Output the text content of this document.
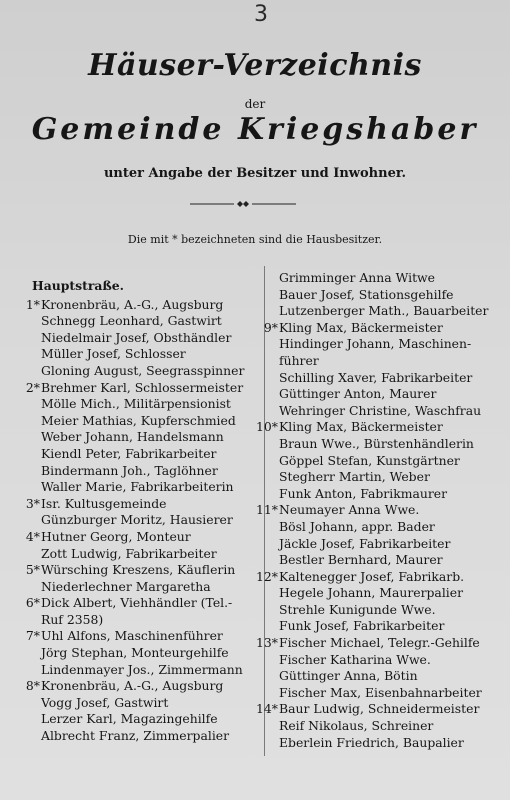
3
Häuser-Verzeichnis
der
Gemeinde Kriegshaber
unter Angabe der Besitzer und Inwohner.
Die mit * bezeichneten sind die Hausbesitzer.
Hauptstraße.
1* Kronenbräu, A.-G., Augsburg
Schnegg Leonhard, Gastwirt
Niedelmair Josef, Obsthändler
Müller Josef, Schlosser
Gloning August, Seegrasspinner
2* Brehmer Karl, Schlossermeister
Mölle Mich., Militärpensionist
Meier Mathias, Kupferschmied
Weber Johann, Handelsmann
Kiendl Peter, Fabrikarbeiter
Bindermann Joh., Taglöhner
Waller Marie, Fabrikarbeiterin
3* Isr. Kultusgemeinde
Günzburger Moritz, Hausierer
4* Hutner Georg, Monteur
Zott Ludwig, Fabrikarbeiter
5* Würsching Kreszens, Käuflerin
Niederlechner Margaretha
6* Dick Albert, Viehhändler (Tel.-
Ruf 2358)
7* Uhl Alfons, Maschinenführer
Jörg Stephan, Monteurgehilfe
Lindenmayer Jos., Zimmermann
8* Kronenbräu, A.-G., Augsburg
Vogg Josef, Gastwirt
Lerzer Karl, Magazingehilfe
Albrecht Franz, Zimmerpalier
Grimminger Anna Witwe
Bauer Josef, Stationsgehilfe
Lutzenberger Math., Bauarbeiter
9* Kling Max, Bäckermeister
Hindinger Johann, Maschinen-
führer
Schilling Xaver, Fabrikarbeiter
Güttinger Anton, Maurer
Wehringer Christine, Waschfrau
10* Kling Max, Bäckermeister
Braun Wwe., Bürstenhändlerin
Göppel Stefan, Kunstgärtner
Stegherr Martin, Weber
Funk Anton, Fabrikmaurer
11* Neumayer Anna Wwe.
Bösl Johann, appr. Bader
Jäckle Josef, Fabrikarbeiter
Bestler Bernhard, Maurer
12* Kaltenegger Josef, Fabrikarb.
Hegele Johann, Maurerpalier
Strehle Kunigunde Wwe.
Funk Josef, Fabrikarbeiter
13* Fischer Michael, Telegr.-Gehilfe
Fischer Katharina Wwe.
Güttinger Anna, Bötin
Fischer Max, Eisenbahnarbeiter
14* Baur Ludwig, Schneidermeister
Reif Nikolaus, Schreiner
Eberlein Friedrich, Baupalier
